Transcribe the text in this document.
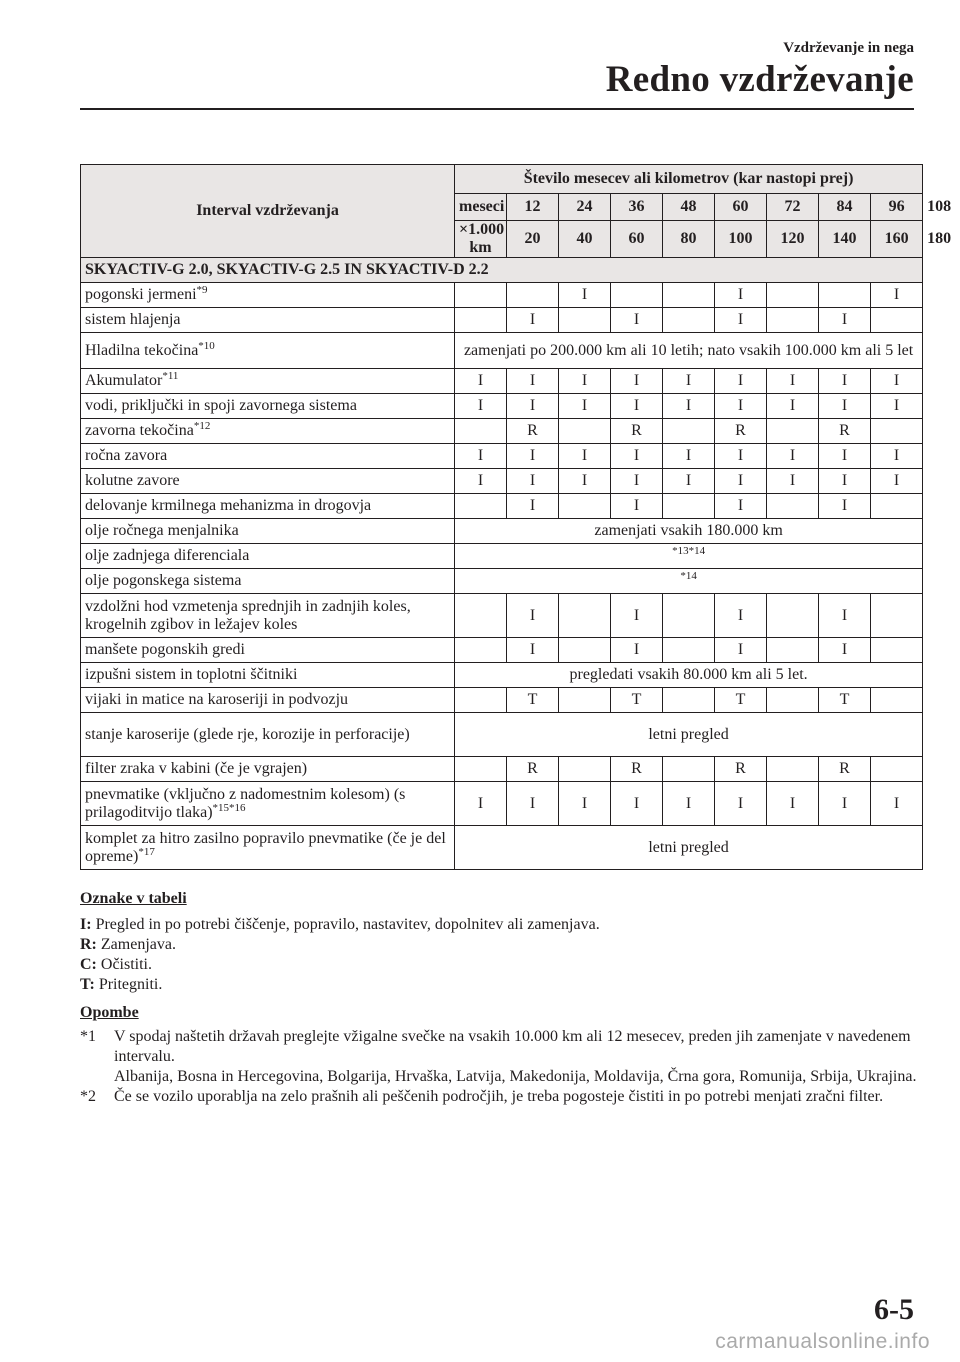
Vzdrževanje in nega
Redno vzdrževanje
Interval vzdrževanja	Število mesecev ali kilometrov (kar nastopi prej)									
	meseci	12	24	36	48	60	72	84	96	108
	×1.000 km	20	40	60	80	100	120	140	160	180
SKYACTIV-G 2.0, SKYACTIV-G 2.5 IN SKYACTIV-D 2.2										
pogonski jermeni$^{*9}$			I			I			I	
sistem hlajenja		I		I		I		I		
Hladilna tekočina$^{*10}$	zamenjati po 200.000 km ali 10 letih; nato vsakih 100.000 km ali 5 let									
Akumulator$^{*11}$	I	I	I	I	I	I	I	I	I	
vodi, priključki in spoji zavornega sistema	I	I	I	I	I	I	I	I	I	
zavorna tekočina$^{*12}$		R		R		R		R		
ročna zavora	I	I	I	I	I	I	I	I	I	
kolutne zavore	I	I	I	I	I	I	I	I	I	
delovanje krmilnega mehanizma in drogovja		I		I		I		I		
olje ročnega menjalnika	zamenjati vsakih 180.000 km									
olje zadnjega diferenciala	*13*14									
olje pogonskega sistema	*14									
vzdolžni hod vzmetenja sprednjih in zadnjih koles, krogelnih zgibov in ležajev koles		I		I		I		I		
manšete pogonskih gredi		I		I		I		I		
izpušni sistem in toplotni ščitniki	pregledati vsakih 80.000 km ali 5 let.									
vijaki in matice na karoseriji in podvozju		T		T		T		T		
stanje karoserije (glede rje, korozije in perforacije)	letni pregled									
filter zraka v kabini (če je vgrajen)		R		R		R		R		
pnevmatike (vključno z nadomestnim kolesom) (s prilagoditvijo tlaka)$^{*15*16}$	I	I	I	I	I	I	I	I	I	
komplet za hitro zasilno popravilo pnevmatike (če je del opreme)$^{*17}$	letni pregled									
Oznake v tabeli
I: Pregled in po potrebi čiščenje, popravilo, nastavitev, dopolnitev ali zamenjava.
R: Zamenjava.
C: Očistiti.
T: Pritegniti.
Opombe
*1 V spodaj naštetih državah preglejte vžigalne svečke na vsakih 10.000 km ali 12 mesecev, preden jih zamenjate v navedenem intervalu.

Albanija, Bosna in Hercegovina, Bolgarija, Hrvaška, Latvija, Makedonija, Moldavija, Črna gora, Romunija, Srbija, Ukrajina.

*2 Če se vozilo uporablja na zelo prašnih ali peščenih področjih, je treba pogosteje čistiti in po potrebi menjati zračni filter.

6-5
carmanualsonline.info
